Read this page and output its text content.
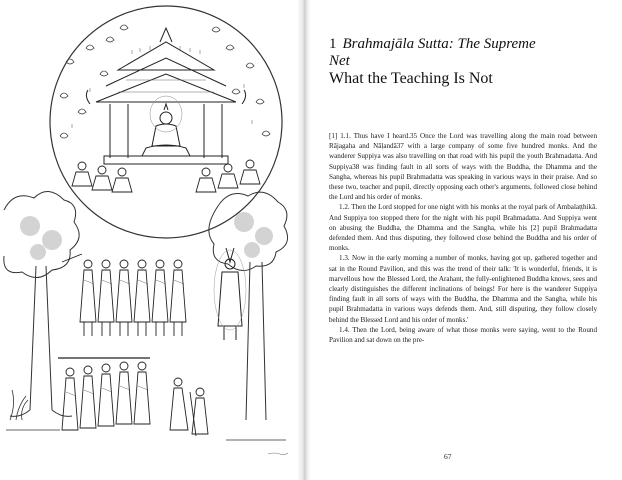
1 Brahmajāla Sutta: The Supreme
Net
What the Teaching Is Not

[1] 1.1. Thus have I heard.35 Once the Lord was travelling along the main road between Rājagaha and Nāḷandā37 with a large company of some five hundred monks. And the wanderer Suppiya was also travelling on that road with his pupil the youth Brahmadatta. And Suppiya38 was finding fault in all sorts of ways with the Buddha, the Dhamma and the Sangha, whereas his pupil Brahmadatta was speaking in various ways in their praise. And so these two, teacher and pupil, directly opposing each other's arguments, followed close behind the Lord and his order of monks.

1.2. Then the Lord stopped for one night with his monks at the royal park of Ambalaṭṭhikā. And Suppiya too stopped there for the night with his pupil Brahmadatta. And Suppiya went on abusing the Buddha, the Dhamma and the Sangha, while his [2] pupil Brahmadatta defended them. And thus disputing, they followed close behind the Buddha and his order of monks.

1.3. Now in the early morning a number of monks, having got up, gathered together and sat in the Round Pavilion, and this was the trend of their talk: 'It is wonderful, friends, it is marvellous how the Blessed Lord, the Arahant, the fully-enlightened Buddha knows, sees and clearly distinguishes the different inclinations of beings! For here is the wanderer Suppiya finding fault in all sorts of ways with the Buddha, the Dhamma and the Sangha, while his pupil Brahmadatta in various ways defends them. And, still disputing, they follow closely behind the Blessed Lord and his order of monks.'

1.4. Then the Lord, being aware of what those monks were saying, went to the Round Pavilion and sat down on the pre-

67
